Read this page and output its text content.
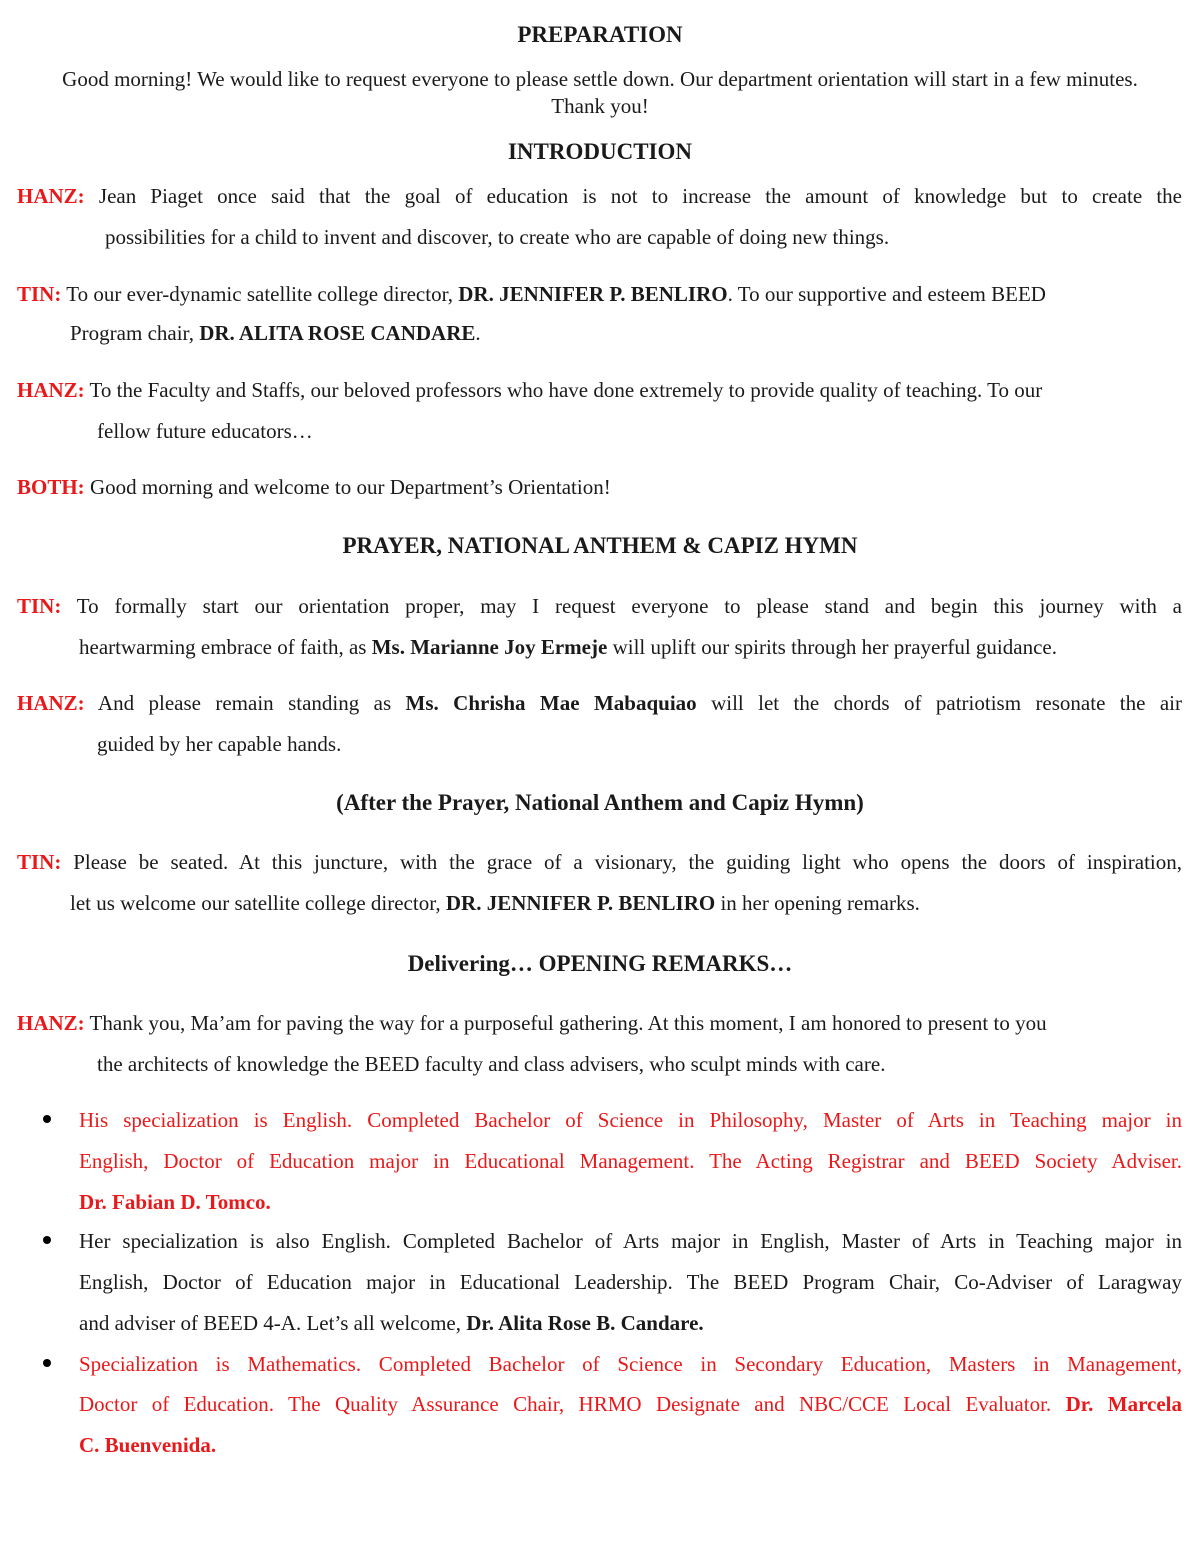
PREPARATION
Good morning! We would like to request everyone to please settle down. Our department orientation will start in a few minutes. Thank you!
INTRODUCTION
HANZ: Jean Piaget once said that the goal of education is not to increase the amount of knowledge but to create the
possibilities for a child to invent and discover, to create who are capable of doing new things.
TIN: To our ever-dynamic satellite college director, DR. JENNIFER P. BENLIRO. To our supportive and esteem BEED
Program chair, DR. ALITA ROSE CANDARE.
HANZ: To the Faculty and Staffs, our beloved professors who have done extremely to provide quality of teaching. To our
fellow future educators…
BOTH: Good morning and welcome to our Department’s Orientation!
PRAYER, NATIONAL ANTHEM & CAPIZ HYMN
TIN: To formally start our orientation proper, may I request everyone to please stand and begin this journey with a
heartwarming embrace of faith, as Ms. Marianne Joy Ermeje will uplift our spirits through her prayerful guidance.
HANZ: And please remain standing as Ms. Chrisha Mae Mabaquiao will let the chords of patriotism resonate the air
guided by her capable hands.
(After the Prayer, National Anthem and Capiz Hymn)
TIN: Please be seated. At this juncture, with the grace of a visionary, the guiding light who opens the doors of inspiration,
let us welcome our satellite college director, DR. JENNIFER P. BENLIRO in her opening remarks.
Delivering… OPENING REMARKS…
HANZ: Thank you, Ma’am for paving the way for a purposeful gathering. At this moment, I am honored to present to you
the architects of knowledge the BEED faculty and class advisers, who sculpt minds with care.
His specialization is English. Completed Bachelor of Science in Philosophy, Master of Arts in Teaching major in
English, Doctor of Education major in Educational Management. The Acting Registrar and BEED Society Adviser.
Dr. Fabian D. Tomco.
Her specialization is also English. Completed Bachelor of Arts major in English, Master of Arts in Teaching major in
English, Doctor of Education major in Educational Leadership. The BEED Program Chair, Co-Adviser of Laragway
and adviser of BEED 4-A. Let’s all welcome, Dr. Alita Rose B. Candare.
Specialization is Mathematics. Completed Bachelor of Science in Secondary Education, Masters in Management,
Doctor of Education. The Quality Assurance Chair, HRMO Designate and NBC/CCE Local Evaluator. Dr. Marcela
C. Buenvenida.
